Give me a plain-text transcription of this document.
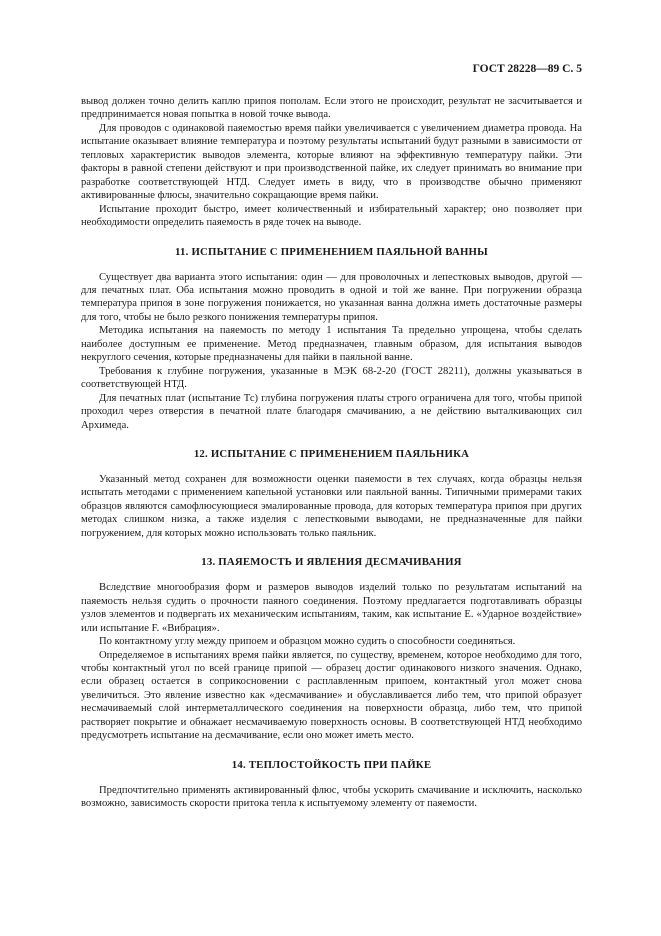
ГОСТ 28228—89 С. 5

вывод должен точно делить каплю припоя пополам. Если этого не происходит, результат не засчитывается и предпринимается новая попытка в новой точке вывода.

Для проводов с одинаковой паяемостью время пайки увеличивается с увеличением диаметра провода. На испытание оказывает влияние температура и поэтому результаты испытаний будут разными в зависимости от тепловых характеристик выводов элемента, которые влияют на эффективную температуру пайки. Эти факторы в равной степени действуют и при производственной пайке, их следует принимать во внимание при разработке соответствующей НТД. Следует иметь в виду, что в производстве обычно применяют активированные флюсы, значительно сокращающие время пайки.

Испытание проходит быстро, имеет количественный и избирательный характер; оно позволяет при необходимости определить паяемость в ряде точек на выводе.

11. ИСПЫТАНИЕ С ПРИМЕНЕНИЕМ ПАЯЛЬНОЙ ВАННЫ

Существует два варианта этого испытания: один — для проволочных и лепестковых выводов, другой — для печатных плат. Оба испытания можно проводить в одной и той же ванне. При погружении образца температура припоя в зоне погружения понижается, но указанная ванна должна иметь достаточные размеры для того, чтобы не было резкого понижения температуры припоя.

Методика испытания на паяемость по методу 1 испытания Та предельно упрощена, чтобы сделать наиболее доступным ее применение. Метод предназначен, главным образом, для испытания выводов некруглого сечения, которые предназначены для пайки в паяльной ванне.

Требования к глубине погружения, указанные в МЭК 68-2-20 (ГОСТ 28211), должны указываться в соответствующей НТД.

Для печатных плат (испытание Тс) глубина погружения платы строго ограничена для того, чтобы припой проходил через отверстия в печатной плате благодаря смачиванию, а не действию выталкивающих сил Архимеда.

12. ИСПЫТАНИЕ С ПРИМЕНЕНИЕМ ПАЯЛЬНИКА

Указанный метод сохранен для возможности оценки паяемости в тех случаях, когда образцы нельзя испытать методами с применением капельной установки или паяльной ванны. Типичными примерами таких образцов являются самофлюсующиеся эмалированные провода, для которых температура припоя при других методах слишком низка, а также изделия с лепестковыми выводами, не предназначенные для пайки погружением, для которых можно использовать только паяльник.

13. ПАЯЕМОСТЬ И ЯВЛЕНИЯ ДЕСМАЧИВАНИЯ

Вследствие многообразия форм и размеров выводов изделий только по результатам испытаний на паяемость нельзя судить о прочности паяного соединения. Поэтому предлагается подготавливать образцы узлов элементов и подвергать их механическим испытаниям, таким, как испытание Е. «Ударное воздействие» или испытание F. «Вибрация».

По контактному углу между припоем и образцом можно судить о способности соединяться.

Определяемое в испытаниях время пайки является, по существу, временем, которое необходимо для того, чтобы контактный угол по всей границе припой — образец достиг одинакового низкого значения. Однако, если образец остается в соприкосновении с расплавленным припоем, контактный угол может снова увеличиться. Это явление известно как «десмачивание» и обуславливается либо тем, что припой образует несмачиваемый слой интерметаллического соединения на поверхности образца, либо тем, что припой растворяет покрытие и обнажает несмачиваемую поверхность основы. В соответствующей НТД необходимо предусмотреть испытание на десмачивание, если оно может иметь место.

14. ТЕПЛОСТОЙКОСТЬ ПРИ ПАЙКЕ

Предпочтительно применять активированный флюс, чтобы ускорить смачивание и исключить, насколько возможно, зависимость скорости притока тепла к испытуемому элементу от паяемости.
